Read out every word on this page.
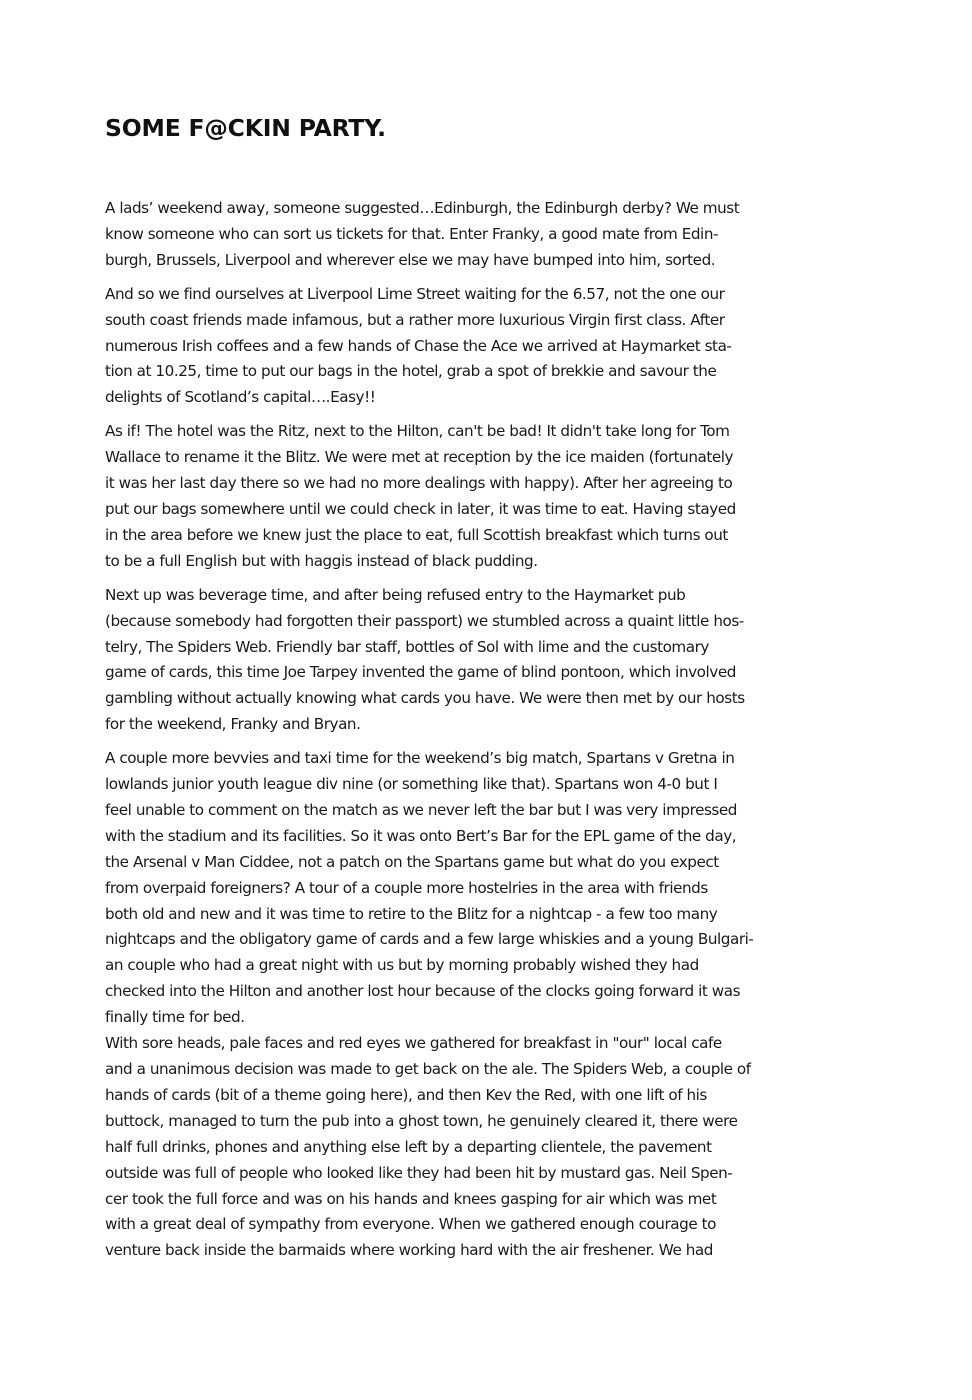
SOME F@CKIN PARTY.

A lads’ weekend away, someone suggested…Edinburgh, the Edinburgh derby? We must
know someone who can sort us tickets for that. Enter Franky, a good mate from Edin-
burgh, Brussels, Liverpool and wherever else we may have bumped into him, sorted.

And so we find ourselves at Liverpool Lime Street waiting for the 6.57, not the one our
south coast friends made infamous, but a rather more luxurious Virgin first class. After
numerous Irish coffees and a few hands of Chase the Ace we arrived at Haymarket sta-
tion at 10.25, time to put our bags in the hotel, grab a spot of brekkie and savour the
delights of Scotland’s capital….Easy!!

As if! The hotel was the Ritz, next to the Hilton, can't be bad! It didn't take long for Tom
Wallace to rename it the Blitz. We were met at reception by the ice maiden (fortunately
it was her last day there so we had no more dealings with happy). After her agreeing to
put our bags somewhere until we could check in later, it was time to eat. Having stayed
in the area before we knew just the place to eat, full Scottish breakfast which turns out
to be a full English but with haggis instead of black pudding.

Next up was beverage time, and after being refused entry to the Haymarket pub
(because somebody had forgotten their passport) we stumbled across a quaint little hos-
telry, The Spiders Web. Friendly bar staff, bottles of Sol with lime and the customary
game of cards, this time Joe Tarpey invented the game of blind pontoon, which involved
gambling without actually knowing what cards you have. We were then met by our hosts
for the weekend, Franky and Bryan.

A couple more bevvies and taxi time for the weekend’s big match, Spartans v Gretna in
lowlands junior youth league div nine (or something like that). Spartans won 4-0 but I
feel unable to comment on the match as we never left the bar but I was very impressed
with the stadium and its facilities. So it was onto Bert’s Bar for the EPL game of the day,
the Arsenal v Man Ciddee, not a patch on the Spartans game but what do you expect
from overpaid foreigners? A tour of a couple more hostelries in the area with friends
both old and new and it was time to retire to the Blitz for a nightcap - a few too many
nightcaps and the obligatory game of cards and a few large whiskies and a young Bulgari-
an couple who had a great night with us but by morning probably wished they had
checked into the Hilton and another lost hour because of the clocks going forward it was
finally time for bed.

With sore heads, pale faces and red eyes we gathered for breakfast in "our" local cafe
and a unanimous decision was made to get back on the ale. The Spiders Web, a couple of
hands of cards (bit of a theme going here), and then Kev the Red, with one lift of his
buttock, managed to turn the pub into a ghost town, he genuinely cleared it, there were
half full drinks, phones and anything else left by a departing clientele, the pavement
outside was full of people who looked like they had been hit by mustard gas. Neil Spen-
cer took the full force and was on his hands and knees gasping for air which was met
with a great deal of sympathy from everyone. When we gathered enough courage to
venture back inside the barmaids where working hard with the air freshener. We had
